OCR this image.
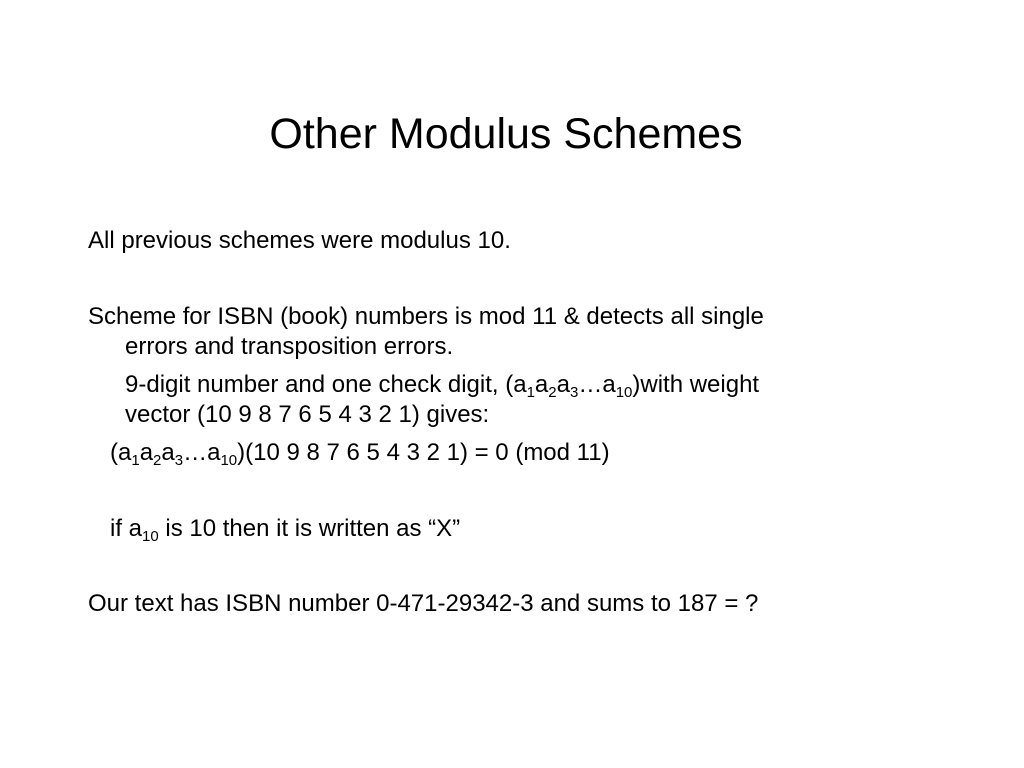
Other Modulus Schemes
All previous schemes were modulus 10.
Scheme for ISBN (book) numbers is mod 11 & detects all single
errors and transposition errors.
9-digit number and one check digit, $(a_1a_2a_3\dots a_{10})with$ weight
vector (10 9 8 7 6 5 4 3 2 1) gives:
$(a_1a_2a_3\dots a_{10})(10$ 9 8 7 6 5 4 3 2 1) = 0 (mod 11)
if $a_{10}$ is 10 then it is written as “X”
Our text has ISBN number 0-471-29342-3 and sums to 187 = ?
